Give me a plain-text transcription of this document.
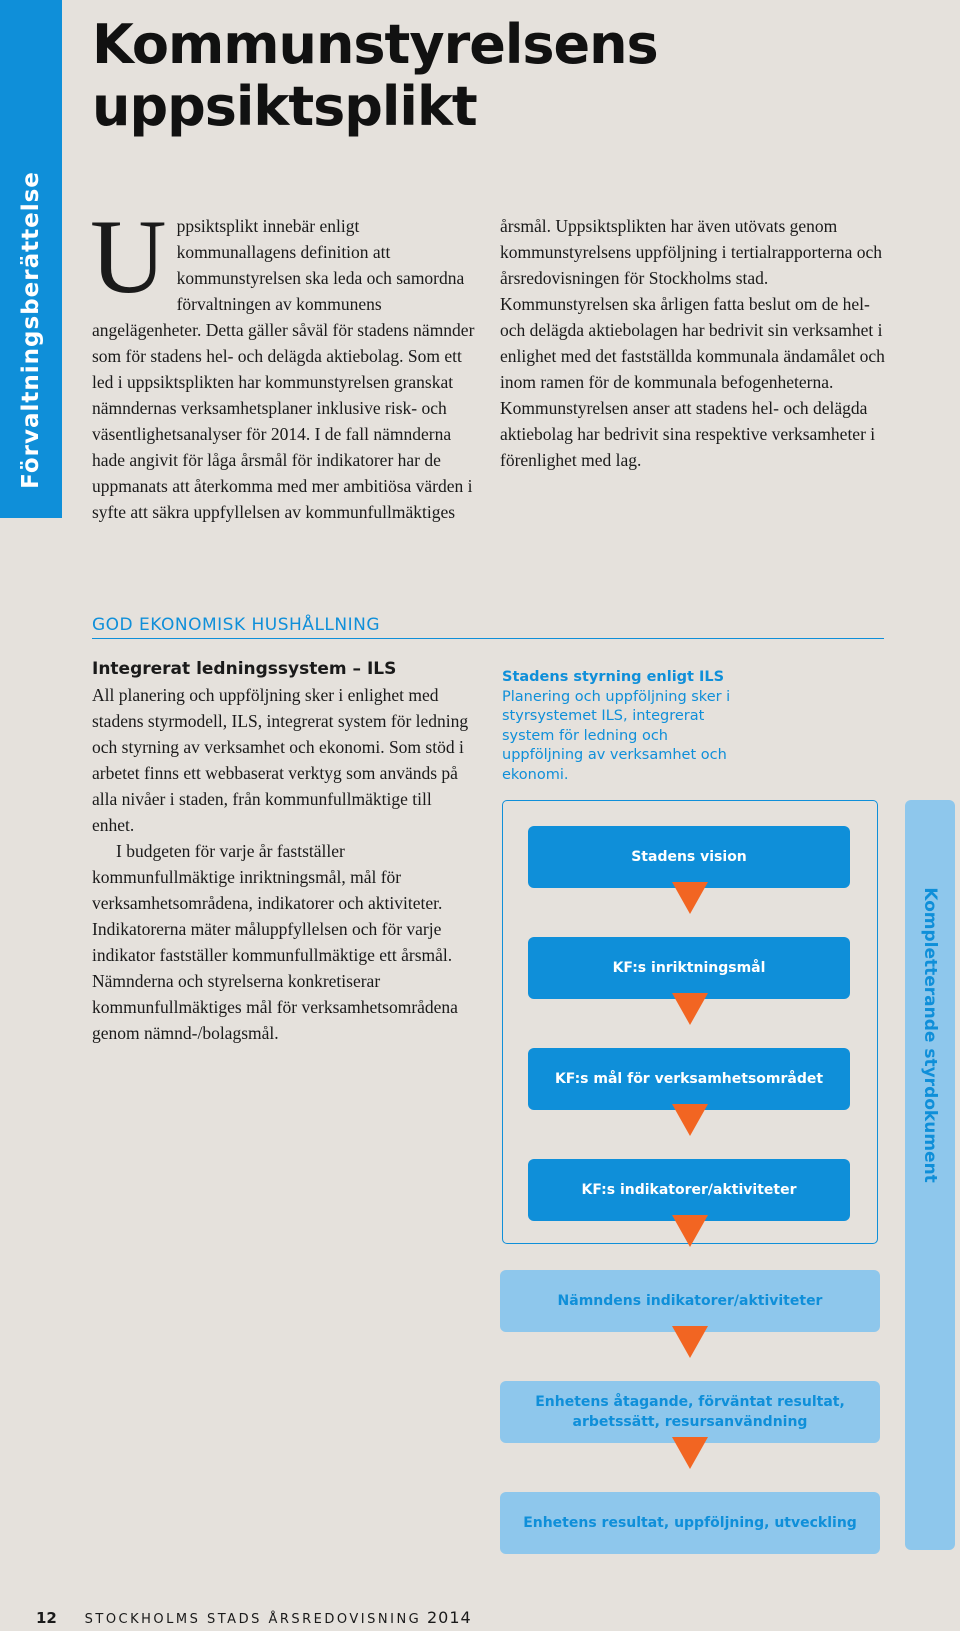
Förvaltningsberättelse
Kommunstyrelsens uppsiktsplikt

Uppsiktsplikt innebär enligt kommunallagens definition att kommunstyrelsen ska leda och samordna förvaltningen av kommunens angelägenheter. Detta gäller såväl för stadens nämnder som för stadens hel- och delägda aktiebolag. Som ett led i uppsiktsplikten har kommunstyrelsen granskat nämndernas verksamhetsplaner inklusive risk- och väsentlighetsanalyser för 2014. I de fall nämnderna hade angivit för låga årsmål för indikatorer har de uppmanats att återkomma med mer ambitiösa värden i syfte att säkra uppfyllelsen av kommunfullmäktiges

årsmål. Uppsiktsplikten har även utövats genom kommunstyrelsens uppföljning i tertialrapporterna och årsredovisningen för Stockholms stad. Kommunstyrelsen ska årligen fatta beslut om de hel- och delägda aktiebolagen har bedrivit sin verksamhet i enlighet med det fastställda kommunala ändamålet och inom ramen för de kommunala befogenheterna. Kommunstyrelsen anser att stadens hel- och delägda aktiebolag har bedrivit sina respektive verksamheter i förenlighet med lag.

GOD EKONOMISK HUSHÅLLNING
Integrerat ledningssystem – ILS

All planering och uppföljning sker i enlighet med stadens styrmodell, ILS, integrerat system för ledning och styrning av verksamhet och ekonomi. Som stöd i arbetet finns ett webbaserat verktyg som används på alla nivåer i staden, från kommunfullmäktige till enhet.

I budgeten för varje år fastställer kommunfullmäktige inriktningsmål, mål för verksamhetsområdena, indikatorer och aktiviteter. Indikatorerna mäter måluppfyllelsen och för varje indikator fastställer kommunfullmäktige ett årsmål. Nämnderna och styrelserna konkretiserar kommunfullmäktiges mål för verksamhetsområdena genom nämnd-/bolagsmål.

Stadens styrning enligt ILS
Planering och uppföljning sker i styrsystemet ILS, integrerat system för ledning och uppföljning av verksamhet och ekonomi.
Stadens vision
KF:s inriktningsmål
KF:s mål för verksamhetsområdet
KF:s indikatorer/aktiviteter
Nämndens indikatorer/aktiviteter
Enhetens åtagande, förväntat resultat, arbetssätt, resursanvändning
Enhetens resultat, uppföljning, utveckling
Kompletterande styrdokument
12 STOCKHOLMS STADS ÅRSREDOVISNING 2014
